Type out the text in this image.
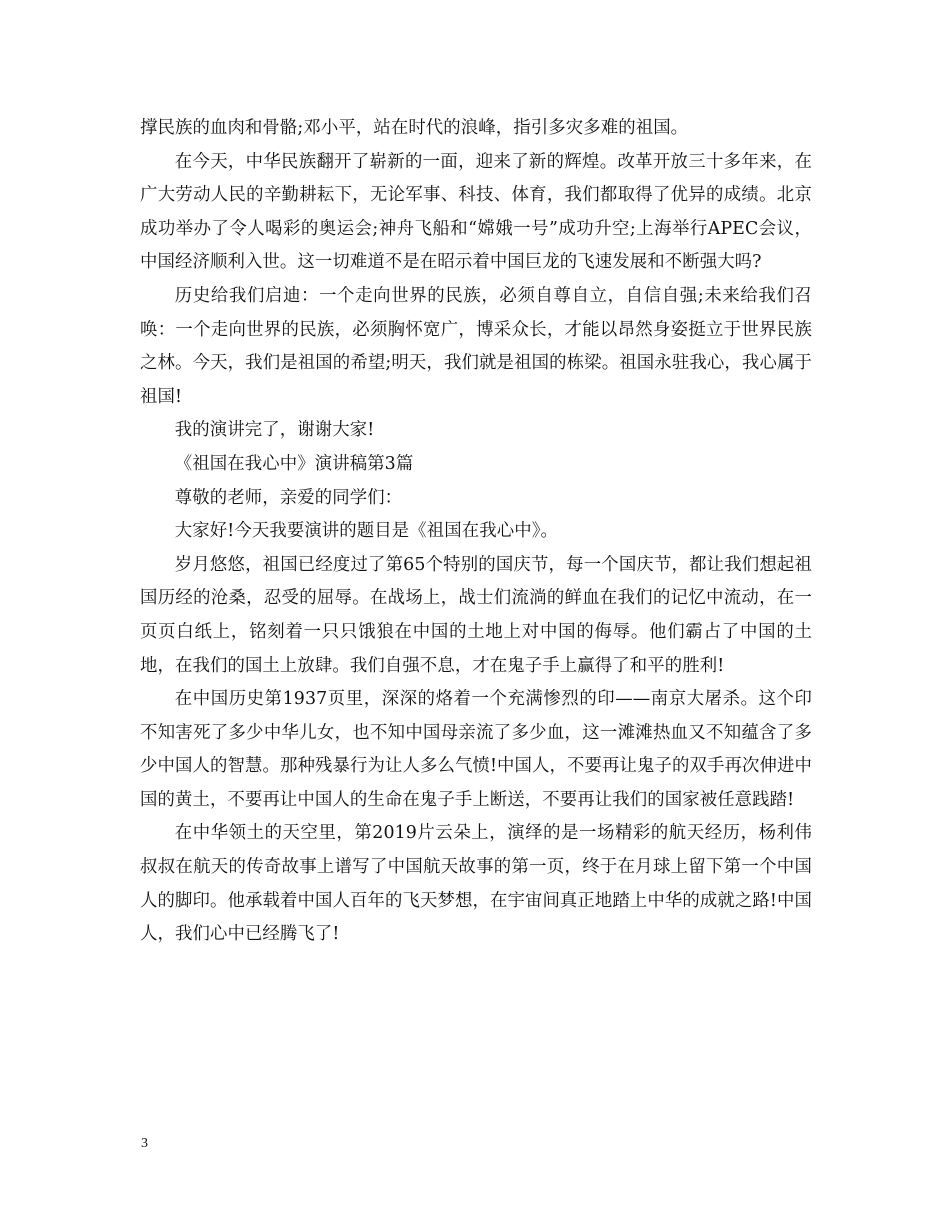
撑民族的血肉和骨骼;邓小平，站在时代的浪峰，指引多灾多难的祖国。

在今天，中华民族翻开了崭新的一面，迎来了新的辉煌。改革开放三十多年来，在广大劳动人民的辛勤耕耘下，无论军事、科技、体育，我们都取得了优异的成绩。北京成功举办了令人喝彩的奥运会;神舟飞船和“嫦娥一号”成功升空;上海举行APEC会议，中国经济顺利入世。这一切难道不是在昭示着中国巨龙的飞速发展和不断强大吗?

历史给我们启迪：一个走向世界的民族，必须自尊自立，自信自强;未来给我们召唤：一个走向世界的民族，必须胸怀宽广，博采众长，才能以昂然身姿挺立于世界民族之林。今天，我们是祖国的希望;明天，我们就是祖国的栋梁。祖国永驻我心，我心属于祖国!

我的演讲完了，谢谢大家!

《祖国在我心中》演讲稿第3篇

尊敬的老师，亲爱的同学们：

大家好!今天我要演讲的题目是《祖国在我心中》。

岁月悠悠，祖国已经度过了第65个特别的国庆节，每一个国庆节，都让我们想起祖国历经的沧桑，忍受的屈辱。在战场上，战士们流淌的鲜血在我们的记忆中流动，在一页页白纸上，铭刻着一只只饿狼在中国的土地上对中国的侮辱。他们霸占了中国的土地，在我们的国土上放肆。我们自强不息，才在鬼子手上赢得了和平的胜利!

在中国历史第1937页里，深深的烙着一个充满惨烈的印——南京大屠杀。这个印不知害死了多少中华儿女，也不知中国母亲流了多少血，这一滩滩热血又不知蕴含了多少中国人的智慧。那种残暴行为让人多么气愤!中国人，不要再让鬼子的双手再次伸进中国的黄土，不要再让中国人的生命在鬼子手上断送，不要再让我们的国家被任意践踏!

在中华领土的天空里，第2019片云朵上，演绎的是一场精彩的航天经历，杨利伟叔叔在航天的传奇故事上谱写了中国航天故事的第一页，终于在月球上留下第一个中国人的脚印。他承载着中国人百年的飞天梦想，在宇宙间真正地踏上中华的成就之路!中国人，我们心中已经腾飞了!

3
